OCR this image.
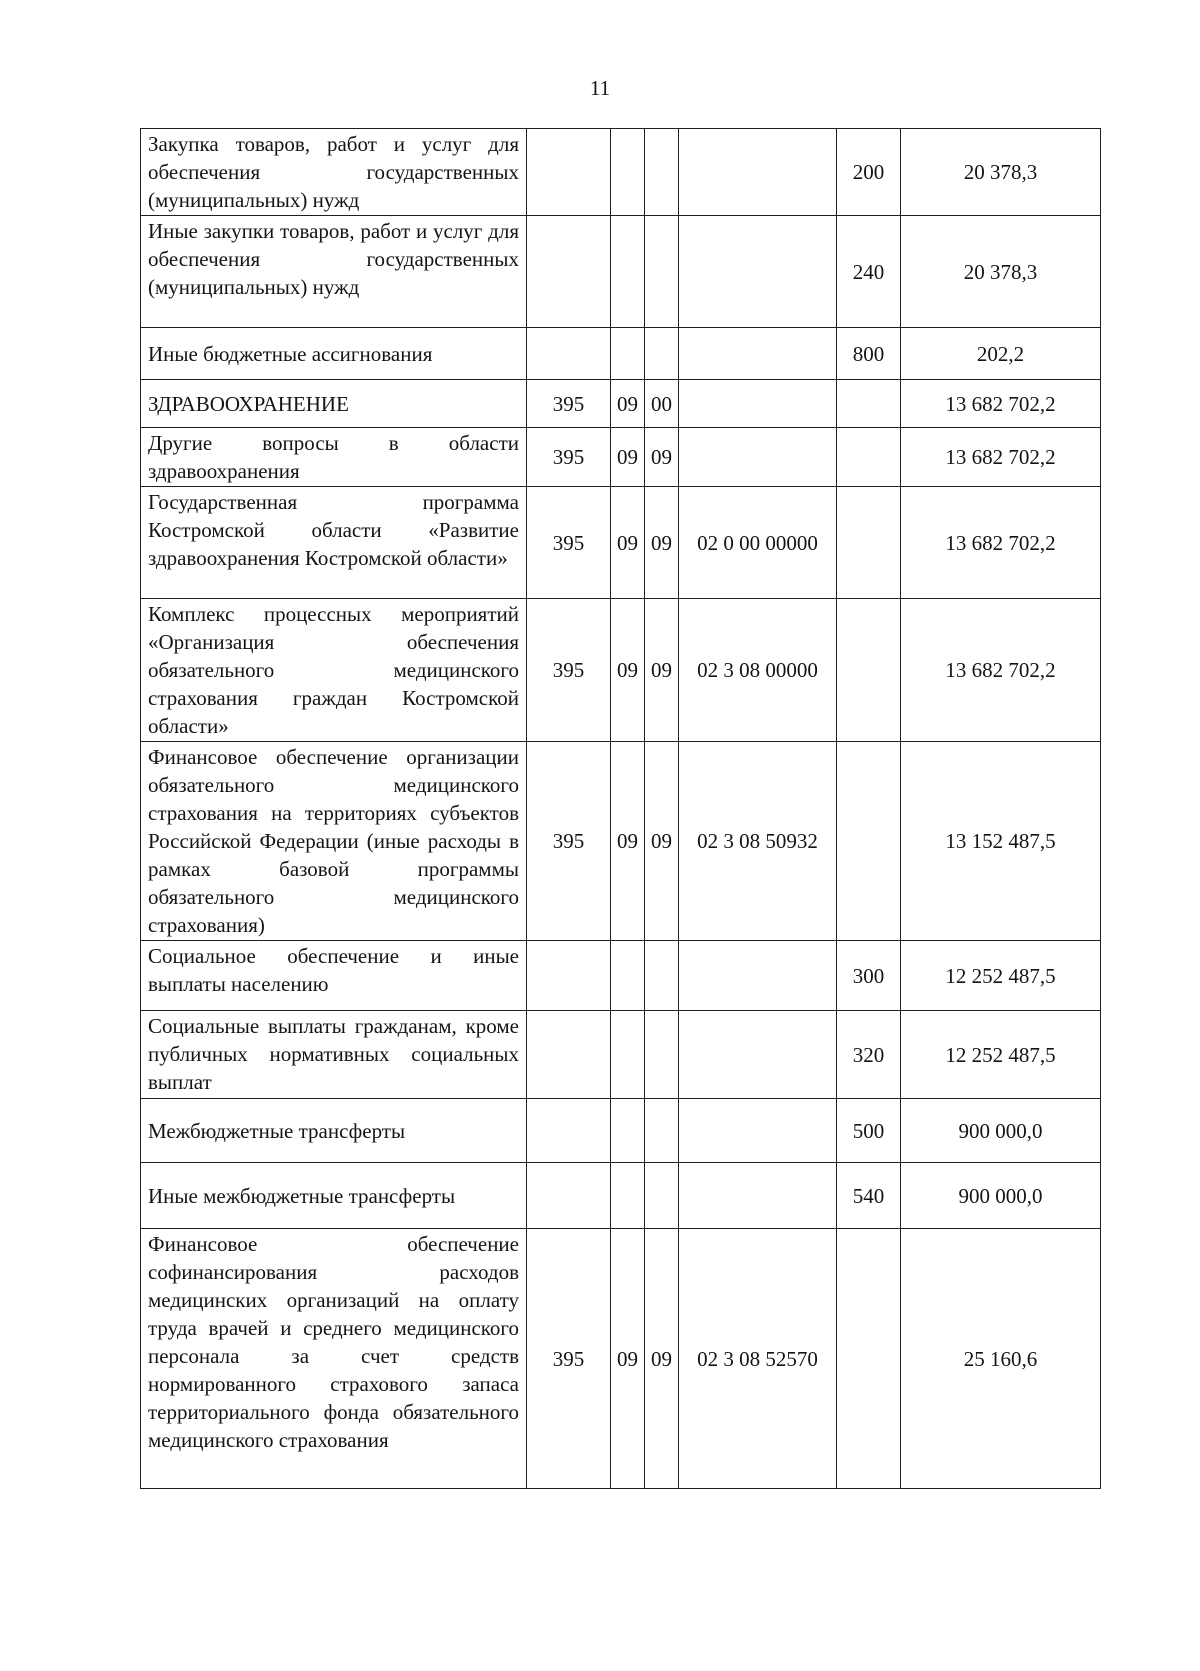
11
Закупка товаров, работ и услуг для обеспечения государственных (муниципальных) нужд					200	20 378,3
Иные закупки товаров, работ и услуг для обеспечения государственных (муниципальных) нужд					240	20 378,3
Иные бюджетные ассигнования					800	202,2
ЗДРАВООХРАНЕНИЕ	395	09	00			13 682 702,2
Другие вопросы в области здравоохранения	395	09	09			13 682 702,2
Государственная программа Костромской области «Развитие здравоохранения Костромской области»	395	09	09	02 0 00 00000		13 682 702,2
Комплекс процессных мероприятий «Организация обеспечения обязательного медицинского страхования граждан Костромской области»	395	09	09	02 3 08 00000		13 682 702,2
Финансовое обеспечение организации обязательного медицинского страхования на территориях субъектов Российской Федерации (иные расходы в рамках базовой программы обязательного медицинского страхования)	395	09	09	02 3 08 50932		13 152 487,5
Социальное обеспечение и иные выплаты населению					300	12 252 487,5
Социальные выплаты гражданам, кроме публичных нормативных социальных выплат					320	12 252 487,5
Межбюджетные трансферты					500	900 000,0
Иные межбюджетные трансферты					540	900 000,0
Финансовое обеспечение софинансирования расходов медицинских организаций на оплату труда врачей и среднего медицинского персонала за счет средств нормированного страхового запаса территориального фонда обязательного медицинского страхования	395	09	09	02 3 08 52570		25 160,6
